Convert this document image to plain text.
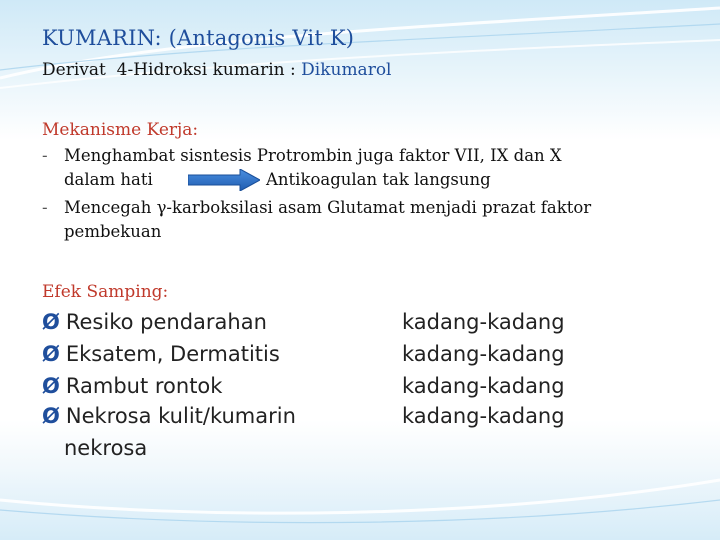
KUMARIN: (Antagonis Vit K)
Derivat  4-Hidroksi kumarin : Dikumarol
Mekanisme Kerja:
- Menghambat sisntesis Protrombin juga faktor VII, IX dan X
dalam hati	Antikoagulan tak langsung
- Mencegah γ-karboksilasi asam Glutamat menjadi prazat faktor
pembekuan
Efek Samping:
Ø Resiko pendarahan	kadang-kadang
Ø Eksatem, Dermatitis	kadang-kadang
Ø Rambut rontok	kadang-kadang
Ø Nekrosa kulit/kumarin	kadang-kadang
nekrosa
